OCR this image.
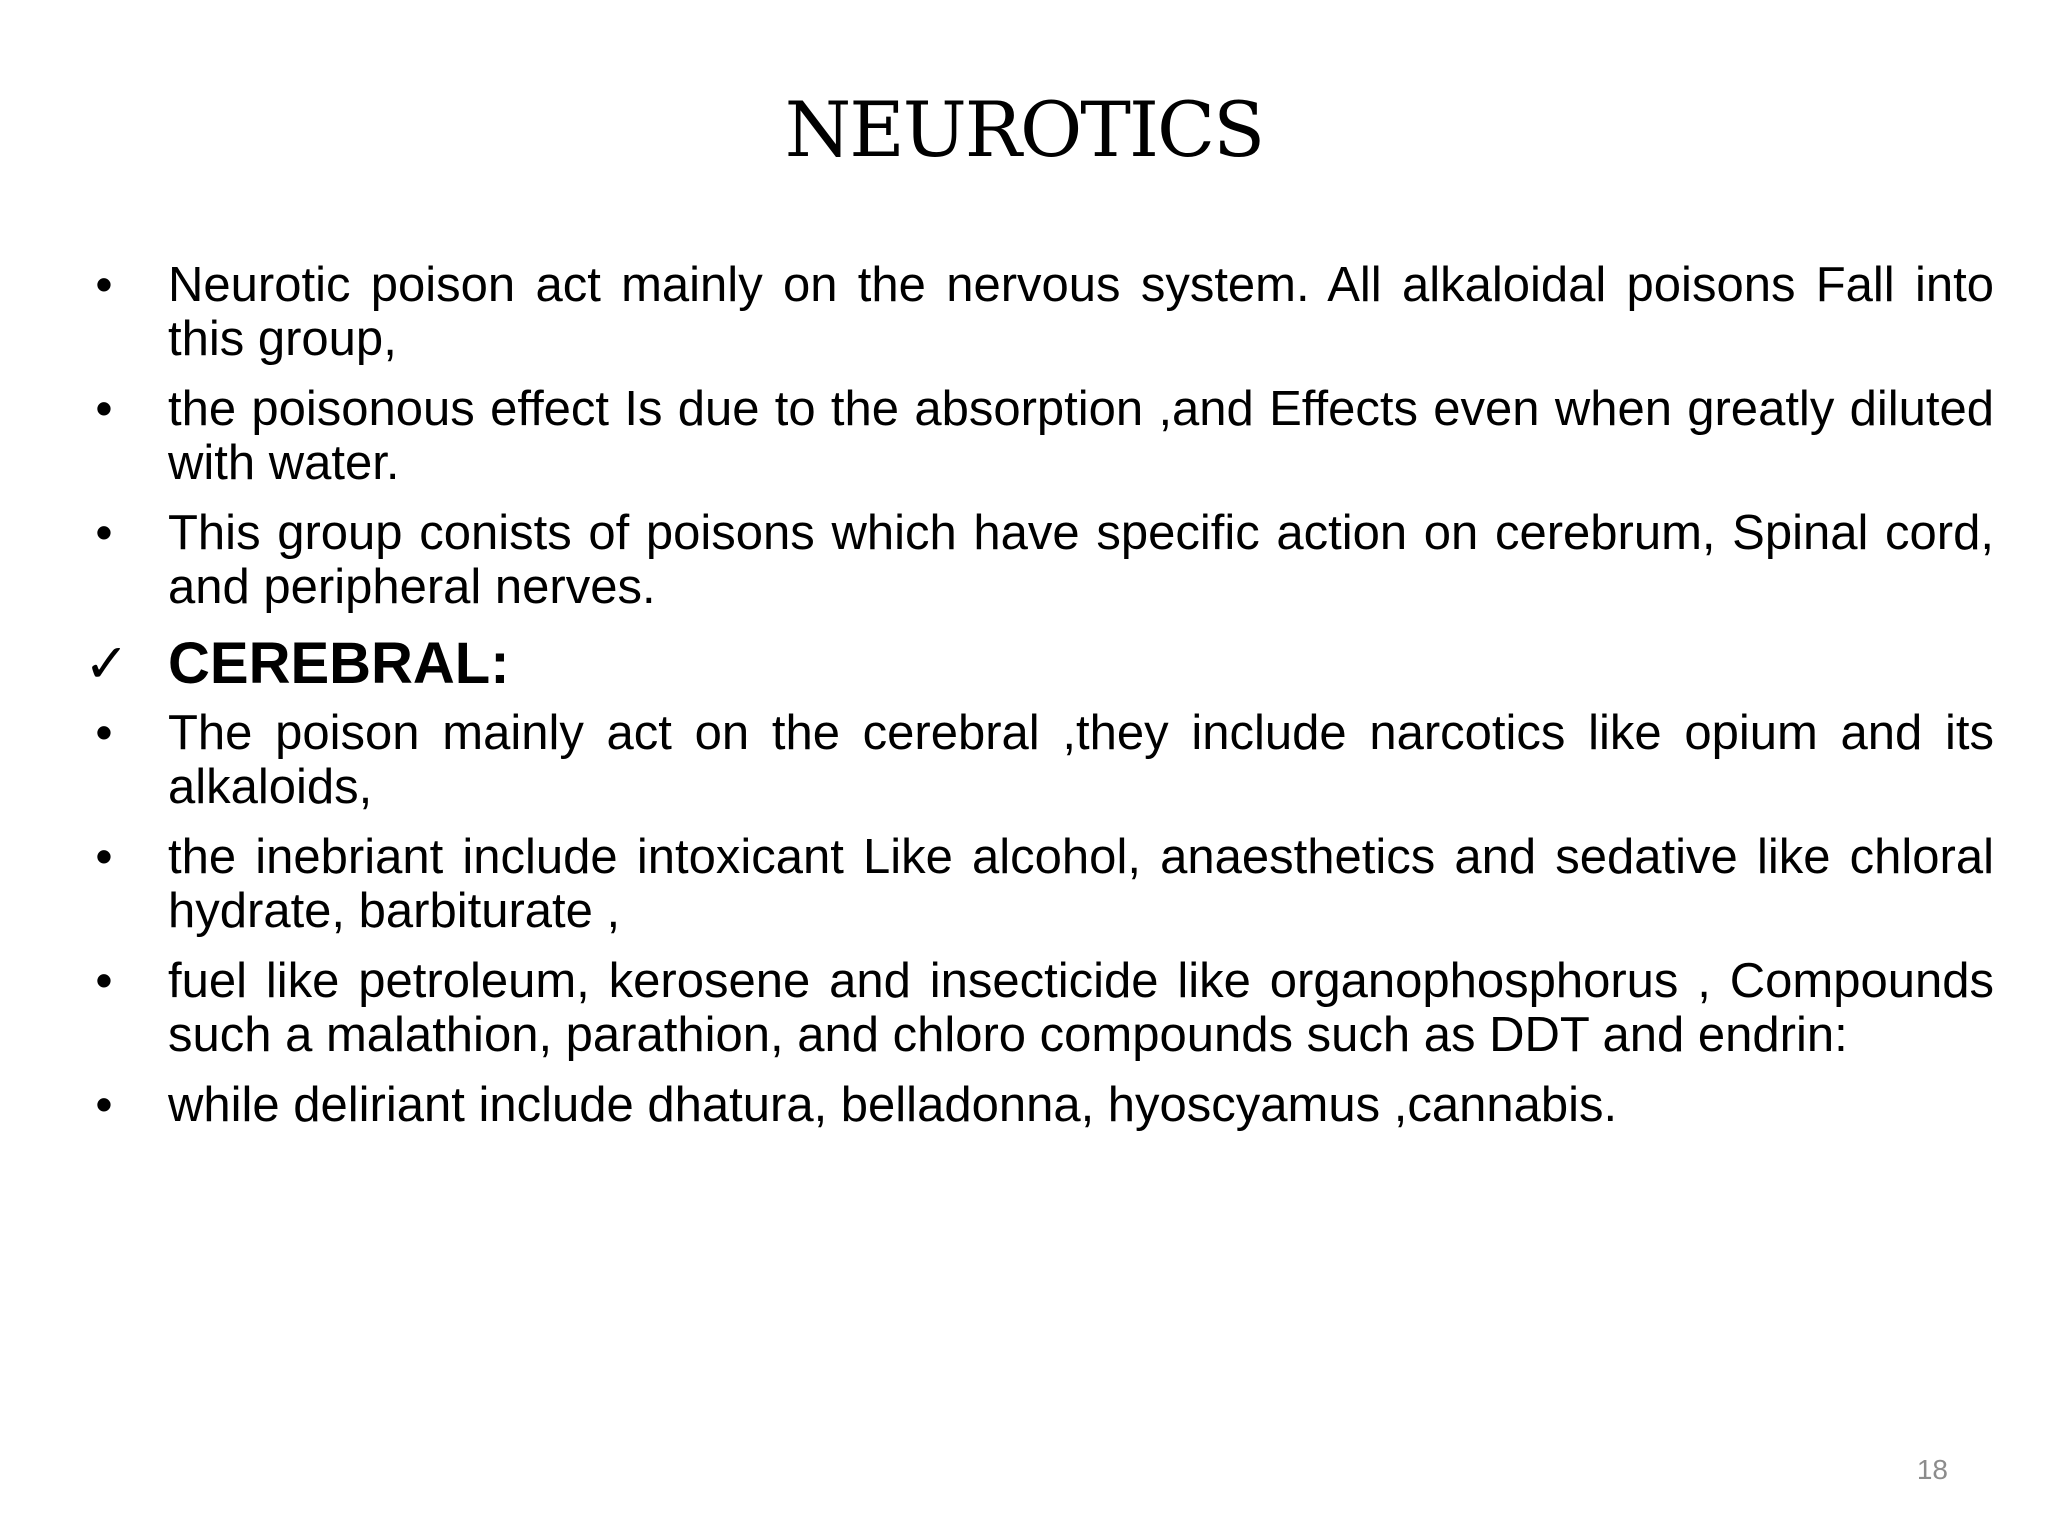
NEUROTICS
• Neurotic poison act mainly on the nervous system. All alkaloidal poisons Fall into this group,
• the poisonous effect Is due to the absorption ,and Effects even when greatly diluted with water.
• This group conists of poisons which have specific action on cerebrum, Spinal cord, and peripheral nerves.
✓ CEREBRAL:
• The poison mainly act on the cerebral ,they include narcotics like opium and its alkaloids,
• the inebriant include intoxicant Like alcohol, anaesthetics and sedative like chloral hydrate, barbiturate ,
• fuel like petroleum, kerosene and insecticide like organophosphorus , Compounds such a malathion, parathion, and chloro compounds such as DDT and endrin:
• while deliriant include dhatura, belladonna, hyoscyamus ,cannabis.
18
